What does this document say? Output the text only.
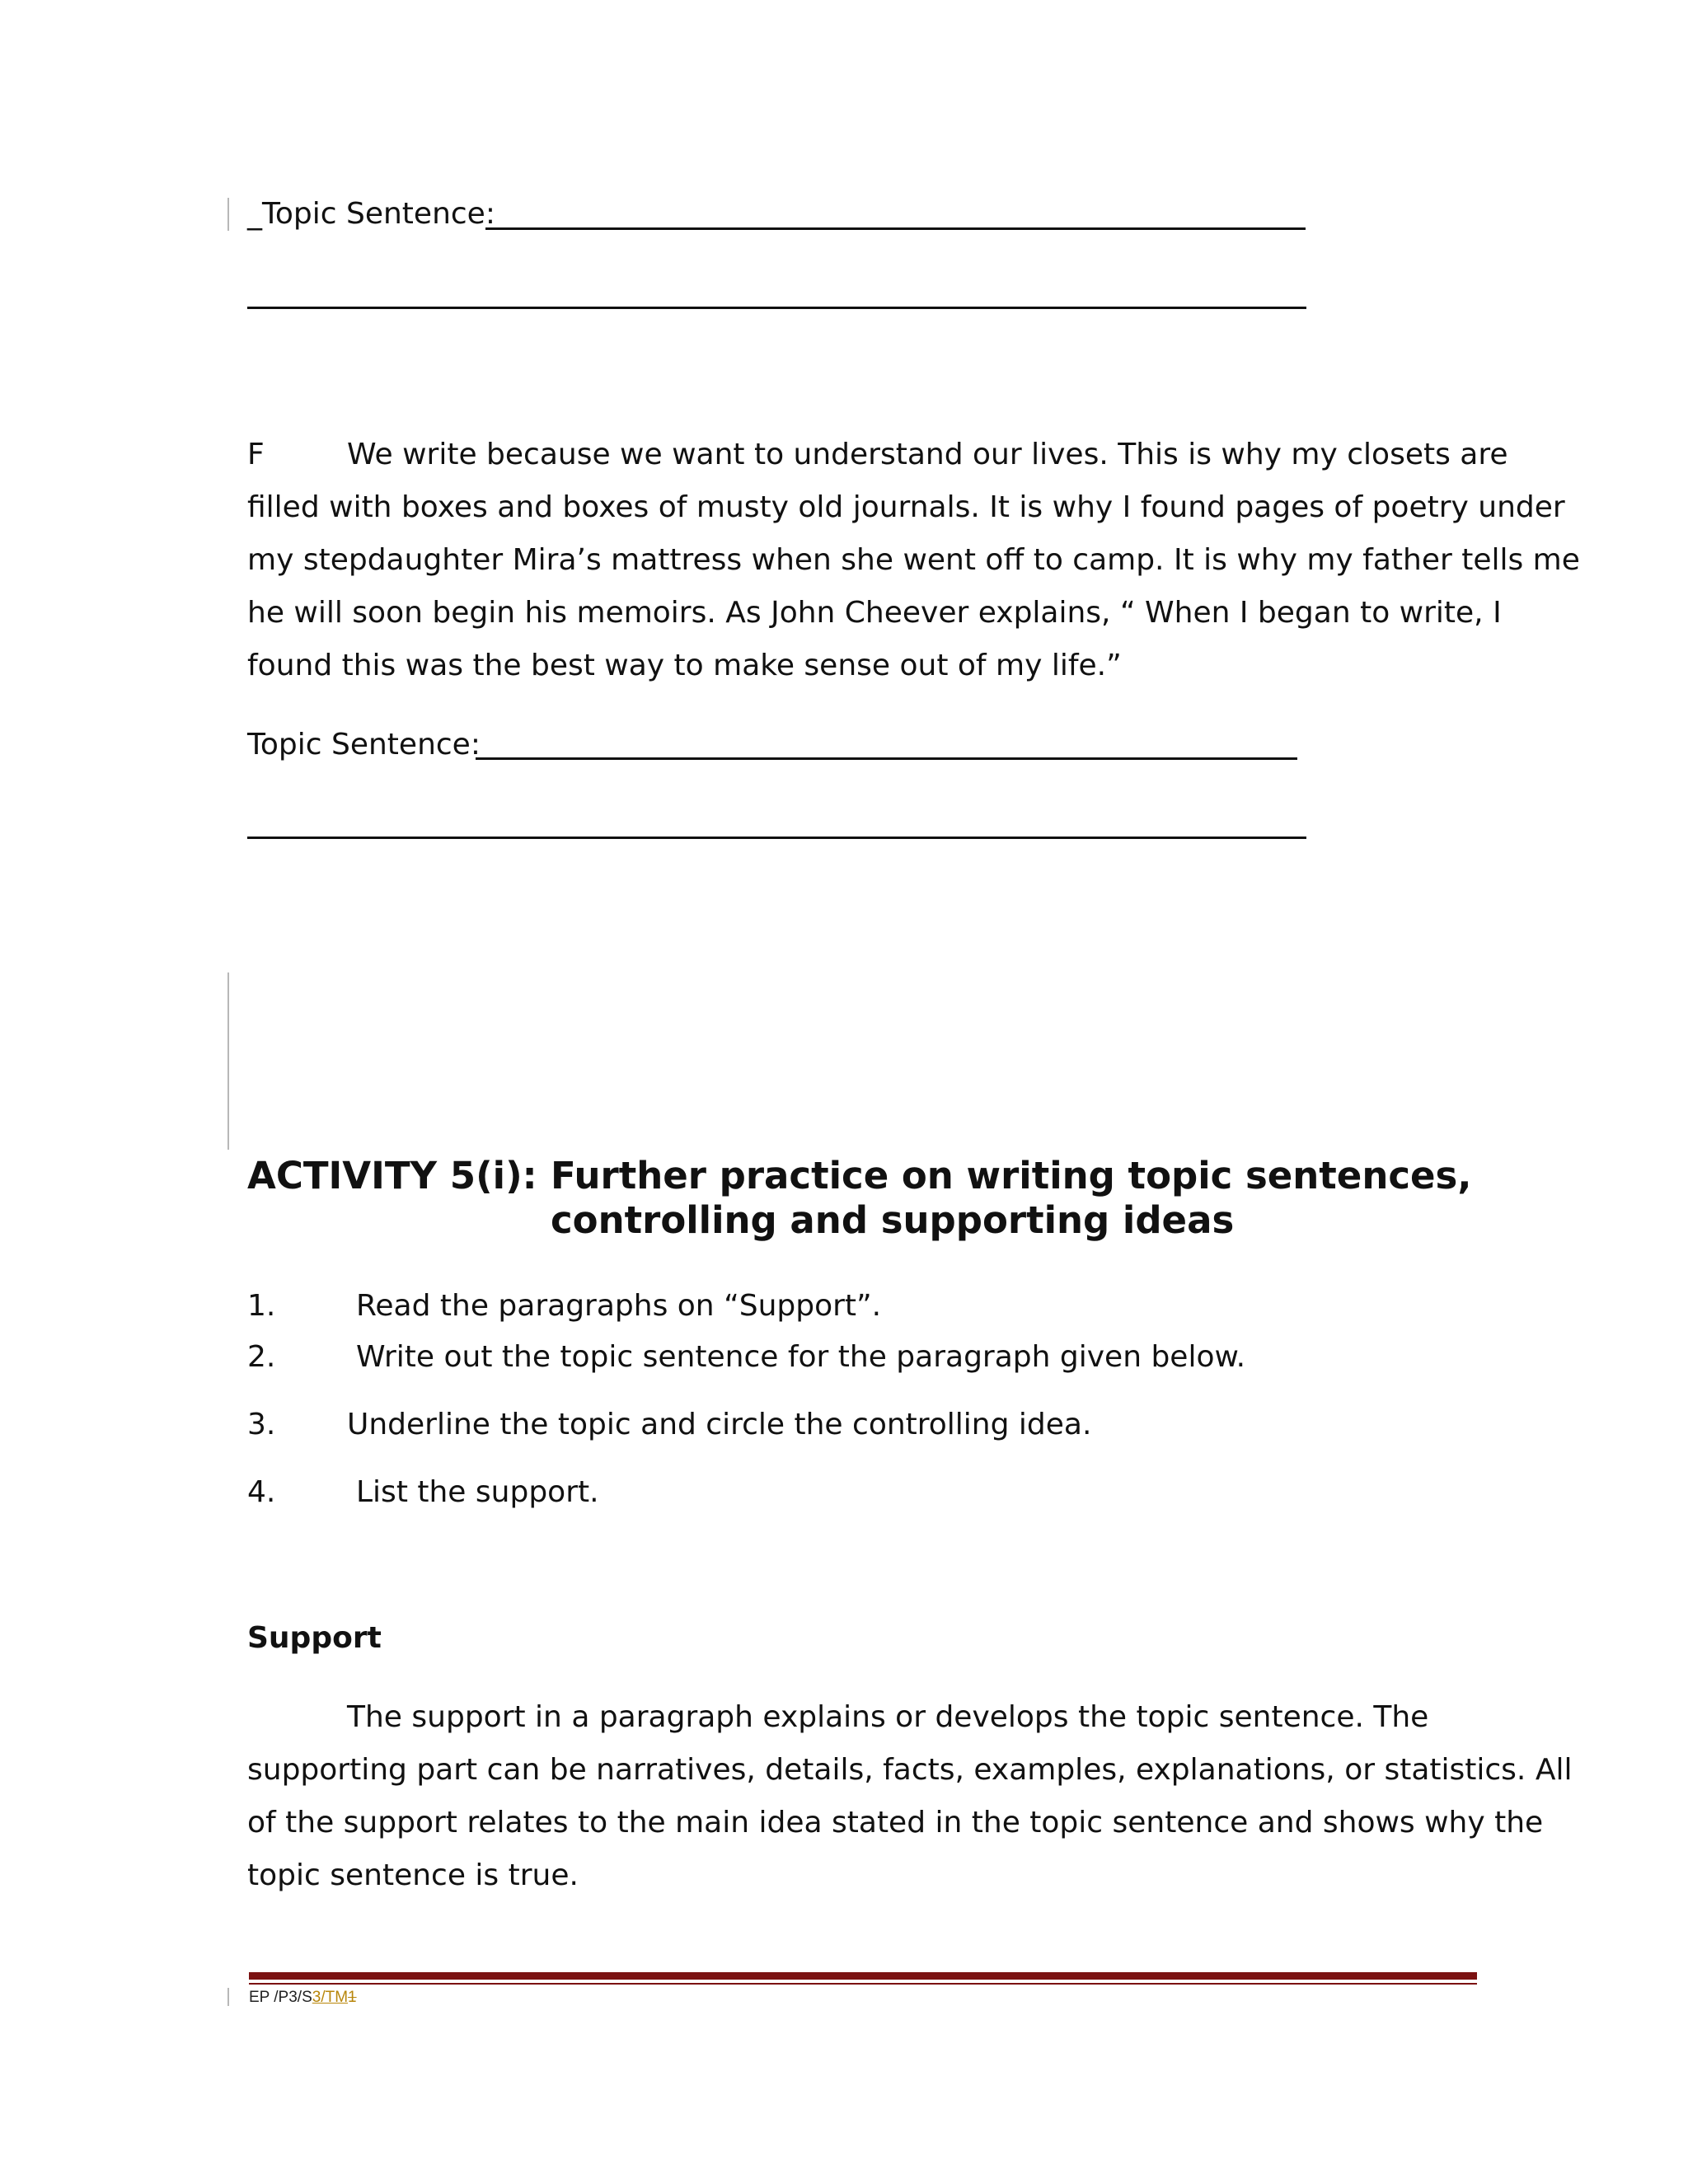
_Topic Sentence:
F	We write because we want to understand our lives. This is why my closets are
filled with boxes and boxes of musty old journals. It is why I found pages of poetry under
my stepdaughter Mira’s mattress when she went off to camp. It is why my father tells me
he will soon begin his memoirs. As John Cheever explains, “ When I began to write, I
found this was the best way to make sense out of my life.”
Topic Sentence:
ACTIVITY 5(i): Further practice on writing topic sentences,
controlling and supporting ideas
1.	Read the paragraphs on “Support”.
2.	Write out the topic sentence for the paragraph given below.
3. Underline the topic and circle the controlling idea.
4.	List the support.
Support
The support in a paragraph explains or develops the topic sentence. The
supporting part can be narratives, details, facts, examples, explanations, or statistics. All
of the support relates to the main idea stated in the topic sentence and shows why the
topic sentence is true.
EP /P3/S3/TM1
